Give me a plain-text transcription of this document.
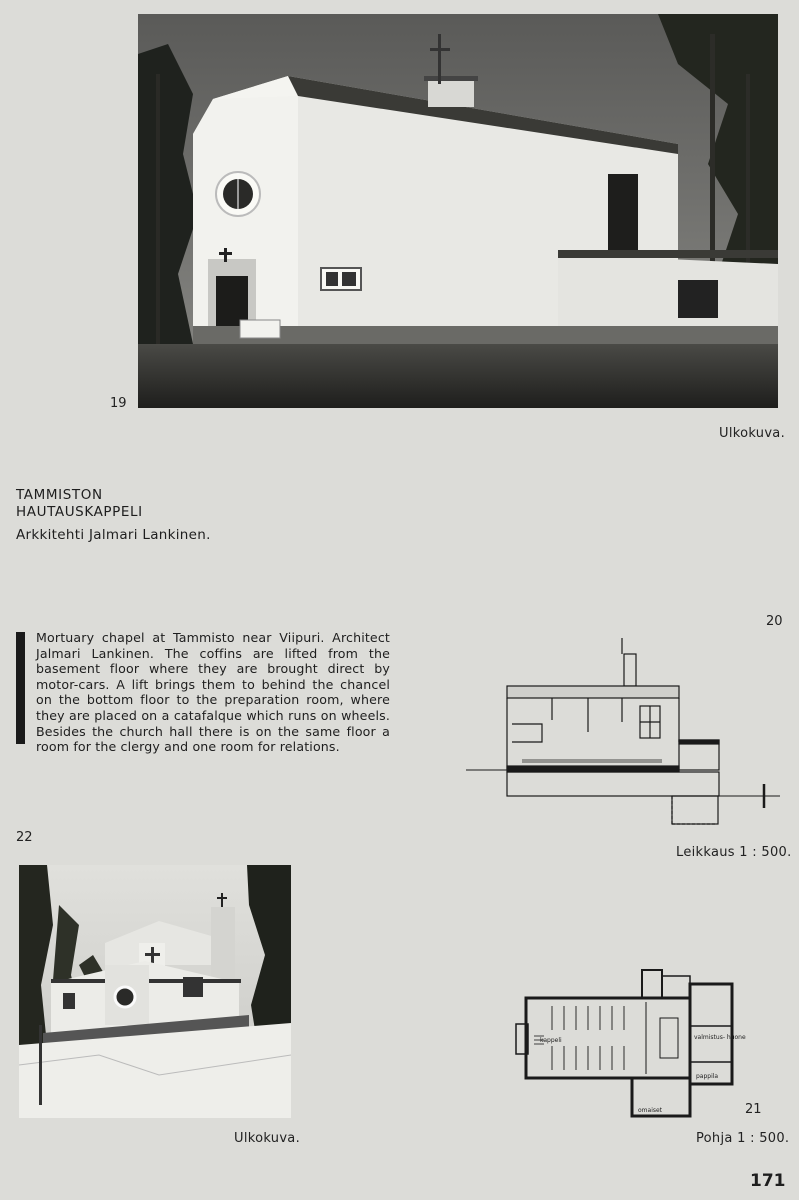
19
Ulkokuva.
TAMMISTON
HAUTAUSKAPPELI
Arkkitehti Jalmari Lankinen.

Mortuary chapel at Tammisto near Viipuri. Architect Jalmari Lankinen. The coffins are lifted from the basement floor where they are brought direct by motor-cars. A lift brings them to behind the chancel on the bottom floor to the preparation room, where they are placed on a catafalque which runs on wheels. Besides the church hall there is on the same floor a room for the clergy and one room for relations.

20
Leikkaus 1 : 500.
22
Ulkokuva.
kappeli	valmistus- huone
pappila
omaiset	21
Pohja 1 : 500.
171
